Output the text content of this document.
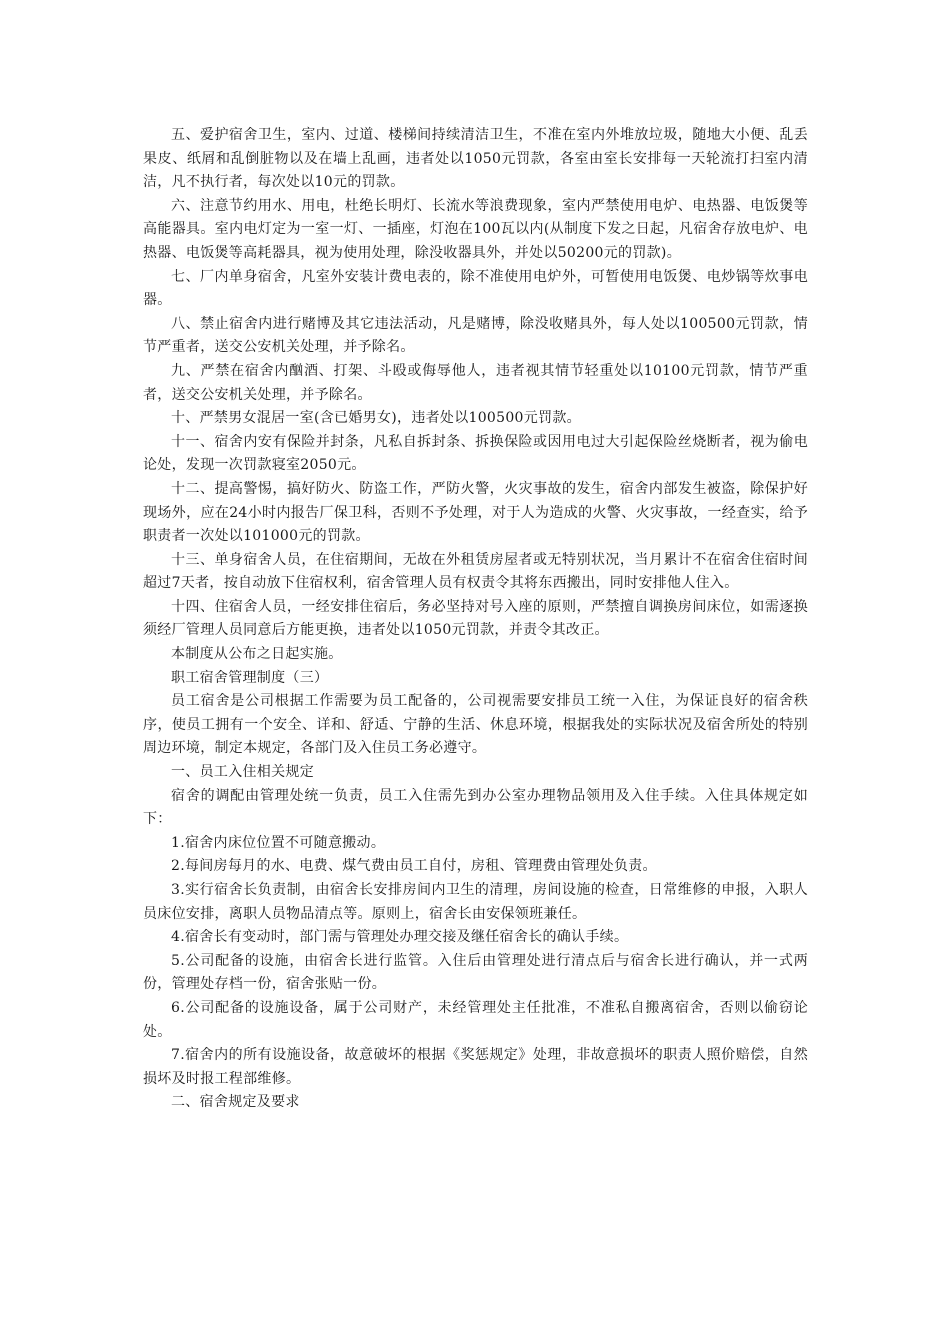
五、爱护宿舍卫生，室内、过道、楼梯间持续清洁卫生，不准在室内外堆放垃圾，随地大小便、乱丢果皮、纸屑和乱倒脏物以及在墙上乱画，违者处以1050元罚款，各室由室长安排每一天轮流打扫室内清洁，凡不执行者，每次处以10元的罚款。

六、注意节约用水、用电，杜绝长明灯、长流水等浪费现象，室内严禁使用电炉、电热器、电饭煲等高能器具。室内电灯定为一室一灯、一插座，灯泡在100瓦以内(从制度下发之日起，凡宿舍存放电炉、电热器、电饭煲等高耗器具，视为使用处理，除没收器具外，并处以50200元的罚款)。

七、厂内单身宿舍，凡室外安装计费电表的，除不准使用电炉外，可暂使用电饭煲、电炒锅等炊事电器。

八、禁止宿舍内进行赌博及其它违法活动，凡是赌博，除没收赌具外，每人处以100500元罚款，情节严重者，送交公安机关处理，并予除名。

九、严禁在宿舍内酗酒、打架、斗殴或侮辱他人，违者视其情节轻重处以10100元罚款，情节严重者，送交公安机关处理，并予除名。

十、严禁男女混居一室(含已婚男女)，违者处以100500元罚款。

十一、宿舍内安有保险并封条，凡私自拆封条、拆换保险或因用电过大引起保险丝烧断者，视为偷电论处，发现一次罚款寝室2050元。

十二、提高警惕，搞好防火、防盗工作，严防火警，火灾事故的发生，宿舍内部发生被盗，除保护好现场外，应在24小时内报告厂保卫科，否则不予处理，对于人为造成的火警、火灾事故，一经查实，给予职责者一次处以101000元的罚款。

十三、单身宿舍人员，在住宿期间，无故在外租赁房屋者或无特别状况，当月累计不在宿舍住宿时间超过7天者，按自动放下住宿权利，宿舍管理人员有权责令其将东西搬出，同时安排他人住入。

十四、住宿舍人员，一经安排住宿后，务必坚持对号入座的原则，严禁擅自调换房间床位，如需逐换须经厂管理人员同意后方能更换，违者处以1050元罚款，并责令其改正。

本制度从公布之日起实施。

职工宿舍管理制度（三）

员工宿舍是公司根据工作需要为员工配备的，公司视需要安排员工统一入住，为保证良好的宿舍秩序，使员工拥有一个安全、详和、舒适、宁静的生活、休息环境，根据我处的实际状况及宿舍所处的特别周边环境，制定本规定，各部门及入住员工务必遵守。

一、员工入住相关规定

宿舍的调配由管理处统一负责，员工入住需先到办公室办理物品领用及入住手续。入住具体规定如下：

1.宿舍内床位位置不可随意搬动。

2.每间房每月的水、电费、煤气费由员工自付，房租、管理费由管理处负责。

3.实行宿舍长负责制，由宿舍长安排房间内卫生的清理，房间设施的检查，日常维修的申报，入职人员床位安排，离职人员物品清点等。原则上，宿舍长由安保领班兼任。

4.宿舍长有变动时，部门需与管理处办理交接及继任宿舍长的确认手续。

5.公司配备的设施，由宿舍长进行监管。入住后由管理处进行清点后与宿舍长进行确认，并一式两份，管理处存档一份，宿舍张贴一份。

6.公司配备的设施设备，属于公司财产，未经管理处主任批准，不准私自搬离宿舍，否则以偷窃论处。

7.宿舍内的所有设施设备，故意破坏的根据《奖惩规定》处理，非故意损坏的职责人照价赔偿，自然损坏及时报工程部维修。

二、宿舍规定及要求
